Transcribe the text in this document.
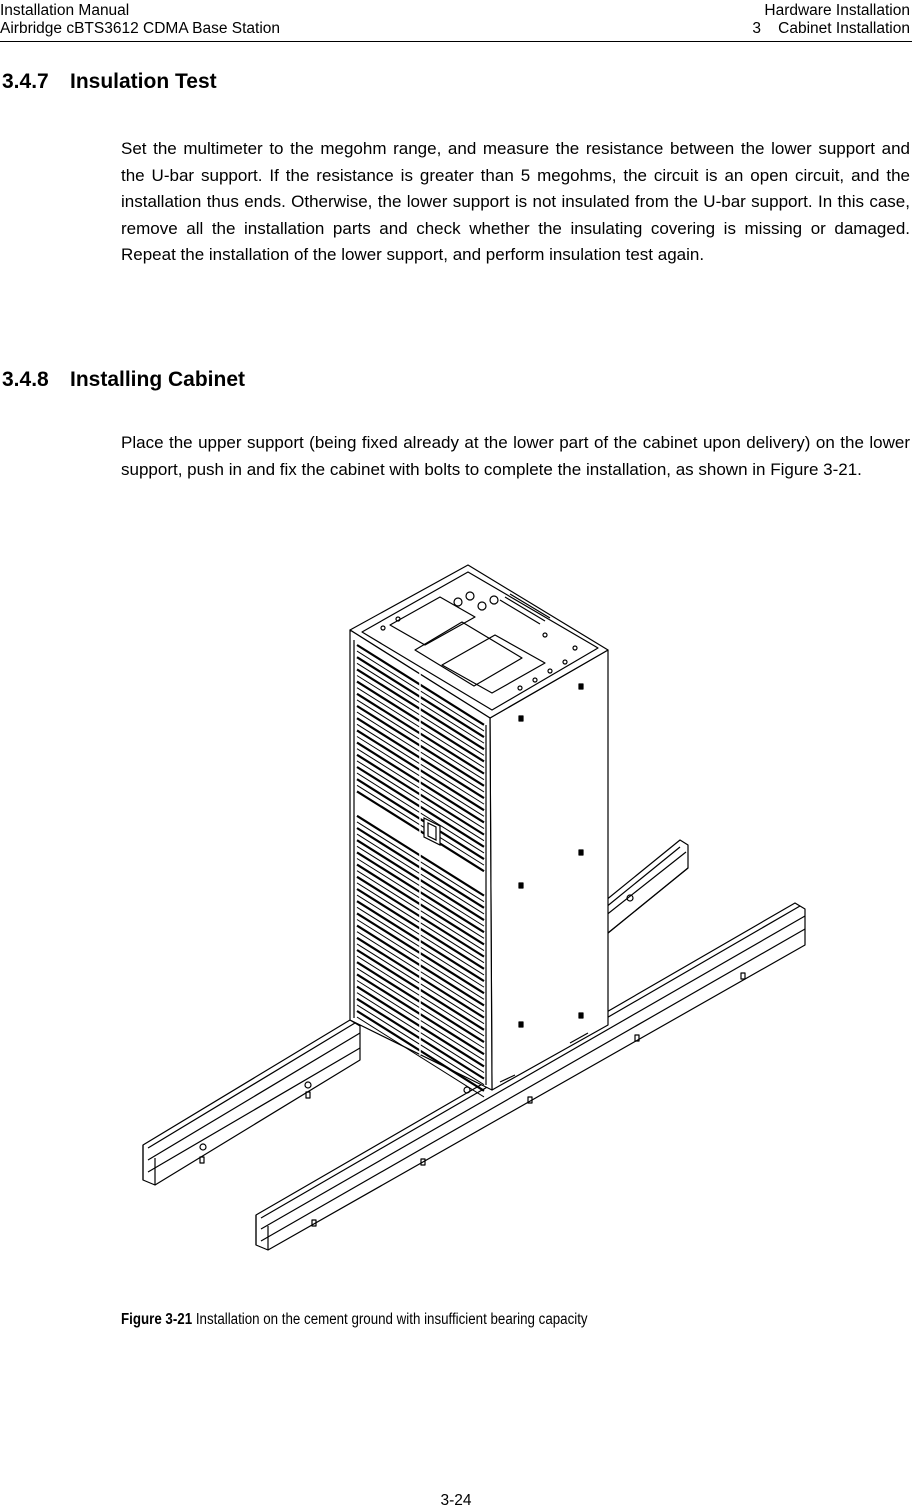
Installation Manual
Airbridge cBTS3612 CDMA Base Station
Hardware Installation
3    Cabinet Installation
3.4.7 Insulation Test
Set the multimeter to the megohm range, and measure the resistance between the lower support and the U-bar support. If the resistance is greater than 5 megohms, the circuit is an open circuit, and the installation thus ends. Otherwise, the lower support is not insulated from the U-bar support. In this case, remove all the installation parts and check whether the insulating covering is missing or damaged. Repeat the installation of the lower support, and perform insulation test again.
3.4.8 Installing Cabinet
Place the upper support (being fixed already at the lower part of the cabinet upon delivery) on the lower support, push in and fix the cabinet with bolts to complete the installation, as shown in Figure 3-21.
Figure 3-21 Installation on the cement ground with insufficient bearing capacity
3-24
